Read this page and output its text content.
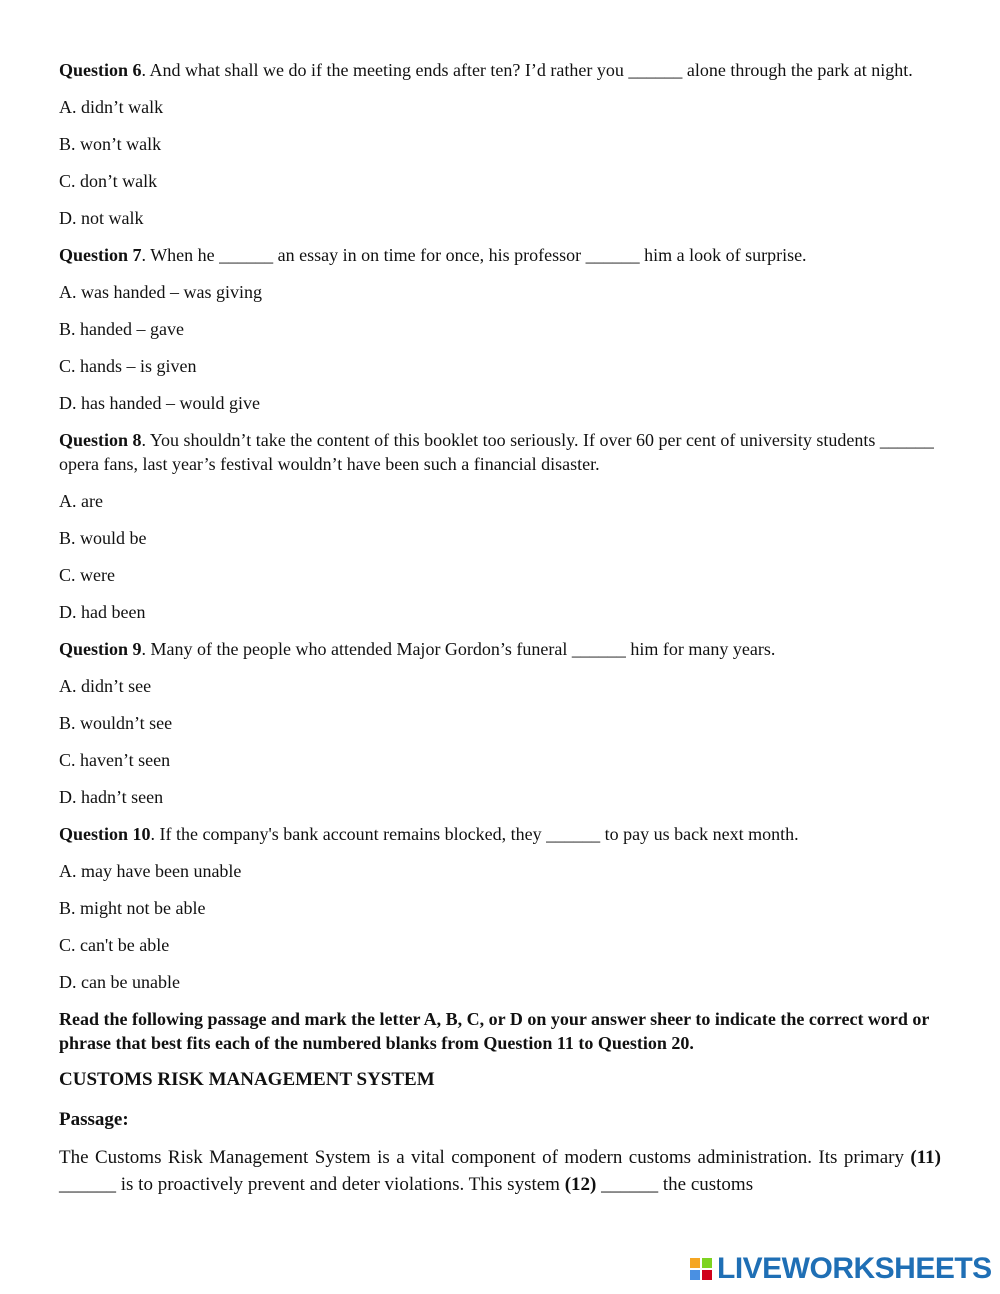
Question 6. And what shall we do if the meeting ends after ten? I’d rather you ______ alone through the park at night.

A. didn’t walk

B. won’t walk

C. don’t walk

D. not walk

Question 7. When he ______ an essay in on time for once, his professor ______ him a look of surprise.

A. was handed – was giving

B. handed – gave

C. hands – is given

D. has handed – would give

Question 8. You shouldn’t take the content of this booklet too seriously. If over 60 per cent of university students ______ opera fans, last year’s festival wouldn’t have been such a financial disaster.

A. are

B. would be

C. were

D. had been

Question 9. Many of the people who attended Major Gordon’s funeral ______ him for many years.

A. didn’t see

B. wouldn’t see

C. haven’t seen

D. hadn’t seen

Question 10. If the company's bank account remains blocked, they ______ to pay us back next month.

A. may have been unable

B. might not be able

C. can't be able

D. can be unable

Read the following passage and mark the letter A, B, C, or D on your answer sheer to indicate the correct word or phrase that best fits each of the numbered blanks from Question 11 to Question 20.

CUSTOMS RISK MANAGEMENT SYSTEM

Passage:

The Customs Risk Management System is a vital component of modern customs administration. Its primary (11) ______ is to proactively prevent and deter violations. This system (12) ______ the customs

LIVEWORKSHEETS
